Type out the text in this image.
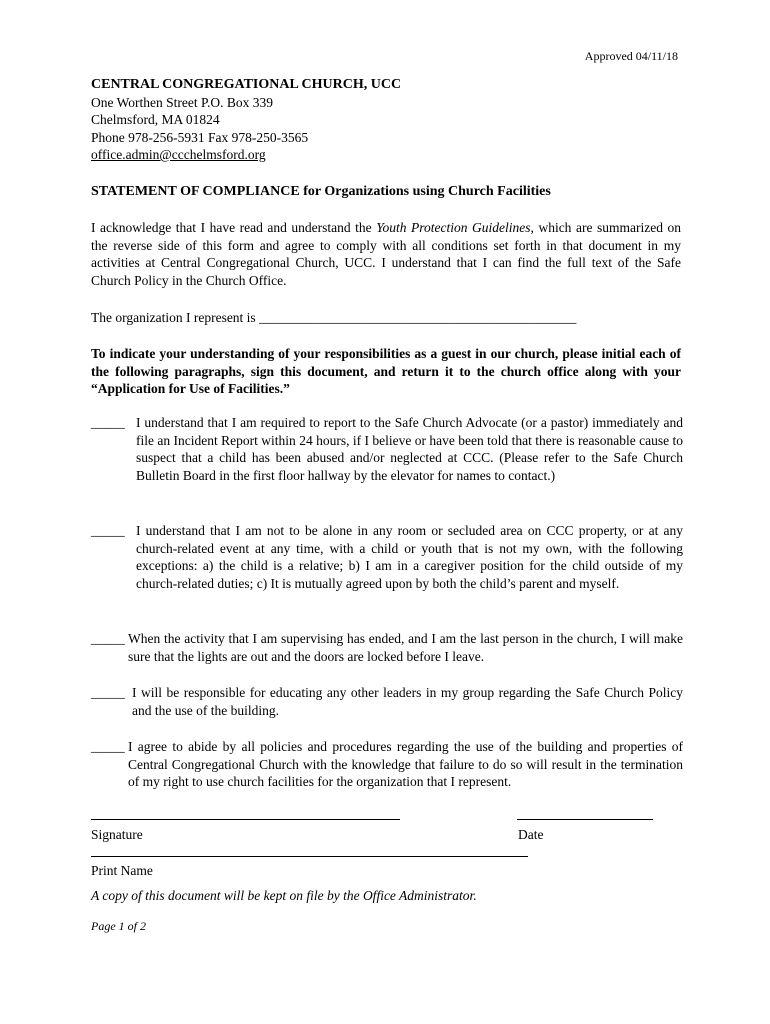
Approved 04/11/18
CENTRAL CONGREGATIONAL CHURCH, UCC
One Worthen Street P.O. Box 339
Chelmsford, MA 01824
Phone 978-256-5931 Fax 978-250-3565
office.admin@ccchelmsford.org
STATEMENT OF COMPLIANCE for Organizations using Church Facilities
I acknowledge that I have read and understand the Youth Protection Guidelines, which are summarized on the reverse side of this form and agree to comply with all conditions set forth in that document in my activities at Central Congregational Church, UCC. I understand that I can find the full text of the Safe Church Policy in the Church Office.
The organization I represent is _______________________________________________
To indicate your understanding of your responsibilities as a guest in our church, please initial each of the following paragraphs, sign this document, and return it to the church office along with your “Application for Use of Facilities.”
_____ I understand that I am required to report to the Safe Church Advocate (or a pastor) immediately and file an Incident Report within 24 hours, if I believe or have been told that there is reasonable cause to suspect that a child has been abused and/or neglected at CCC. (Please refer to the Safe Church Bulletin Board in the first floor hallway by the elevator for names to contact.)
_____ I understand that I am not to be alone in any room or secluded area on CCC property, or at any church-related event at any time, with a child or youth that is not my own, with the following exceptions: a) the child is a relative; b) I am in a caregiver position for the child outside of my church-related duties; c) It is mutually agreed upon by both the child’s parent and myself.
_____ When the activity that I am supervising has ended, and I am the last person in the church, I will make sure that the lights are out and the doors are locked before I leave.
_____ I will be responsible for educating any other leaders in my group regarding the Safe Church Policy and the use of the building.
_____ I agree to abide by all policies and procedures regarding the use of the building and properties of Central Congregational Church with the knowledge that failure to do so will result in the termination of my right to use church facilities for the organization that I represent.
Signature	Date
Print Name
A copy of this document will be kept on file by the Office Administrator.
Page 1 of 2
